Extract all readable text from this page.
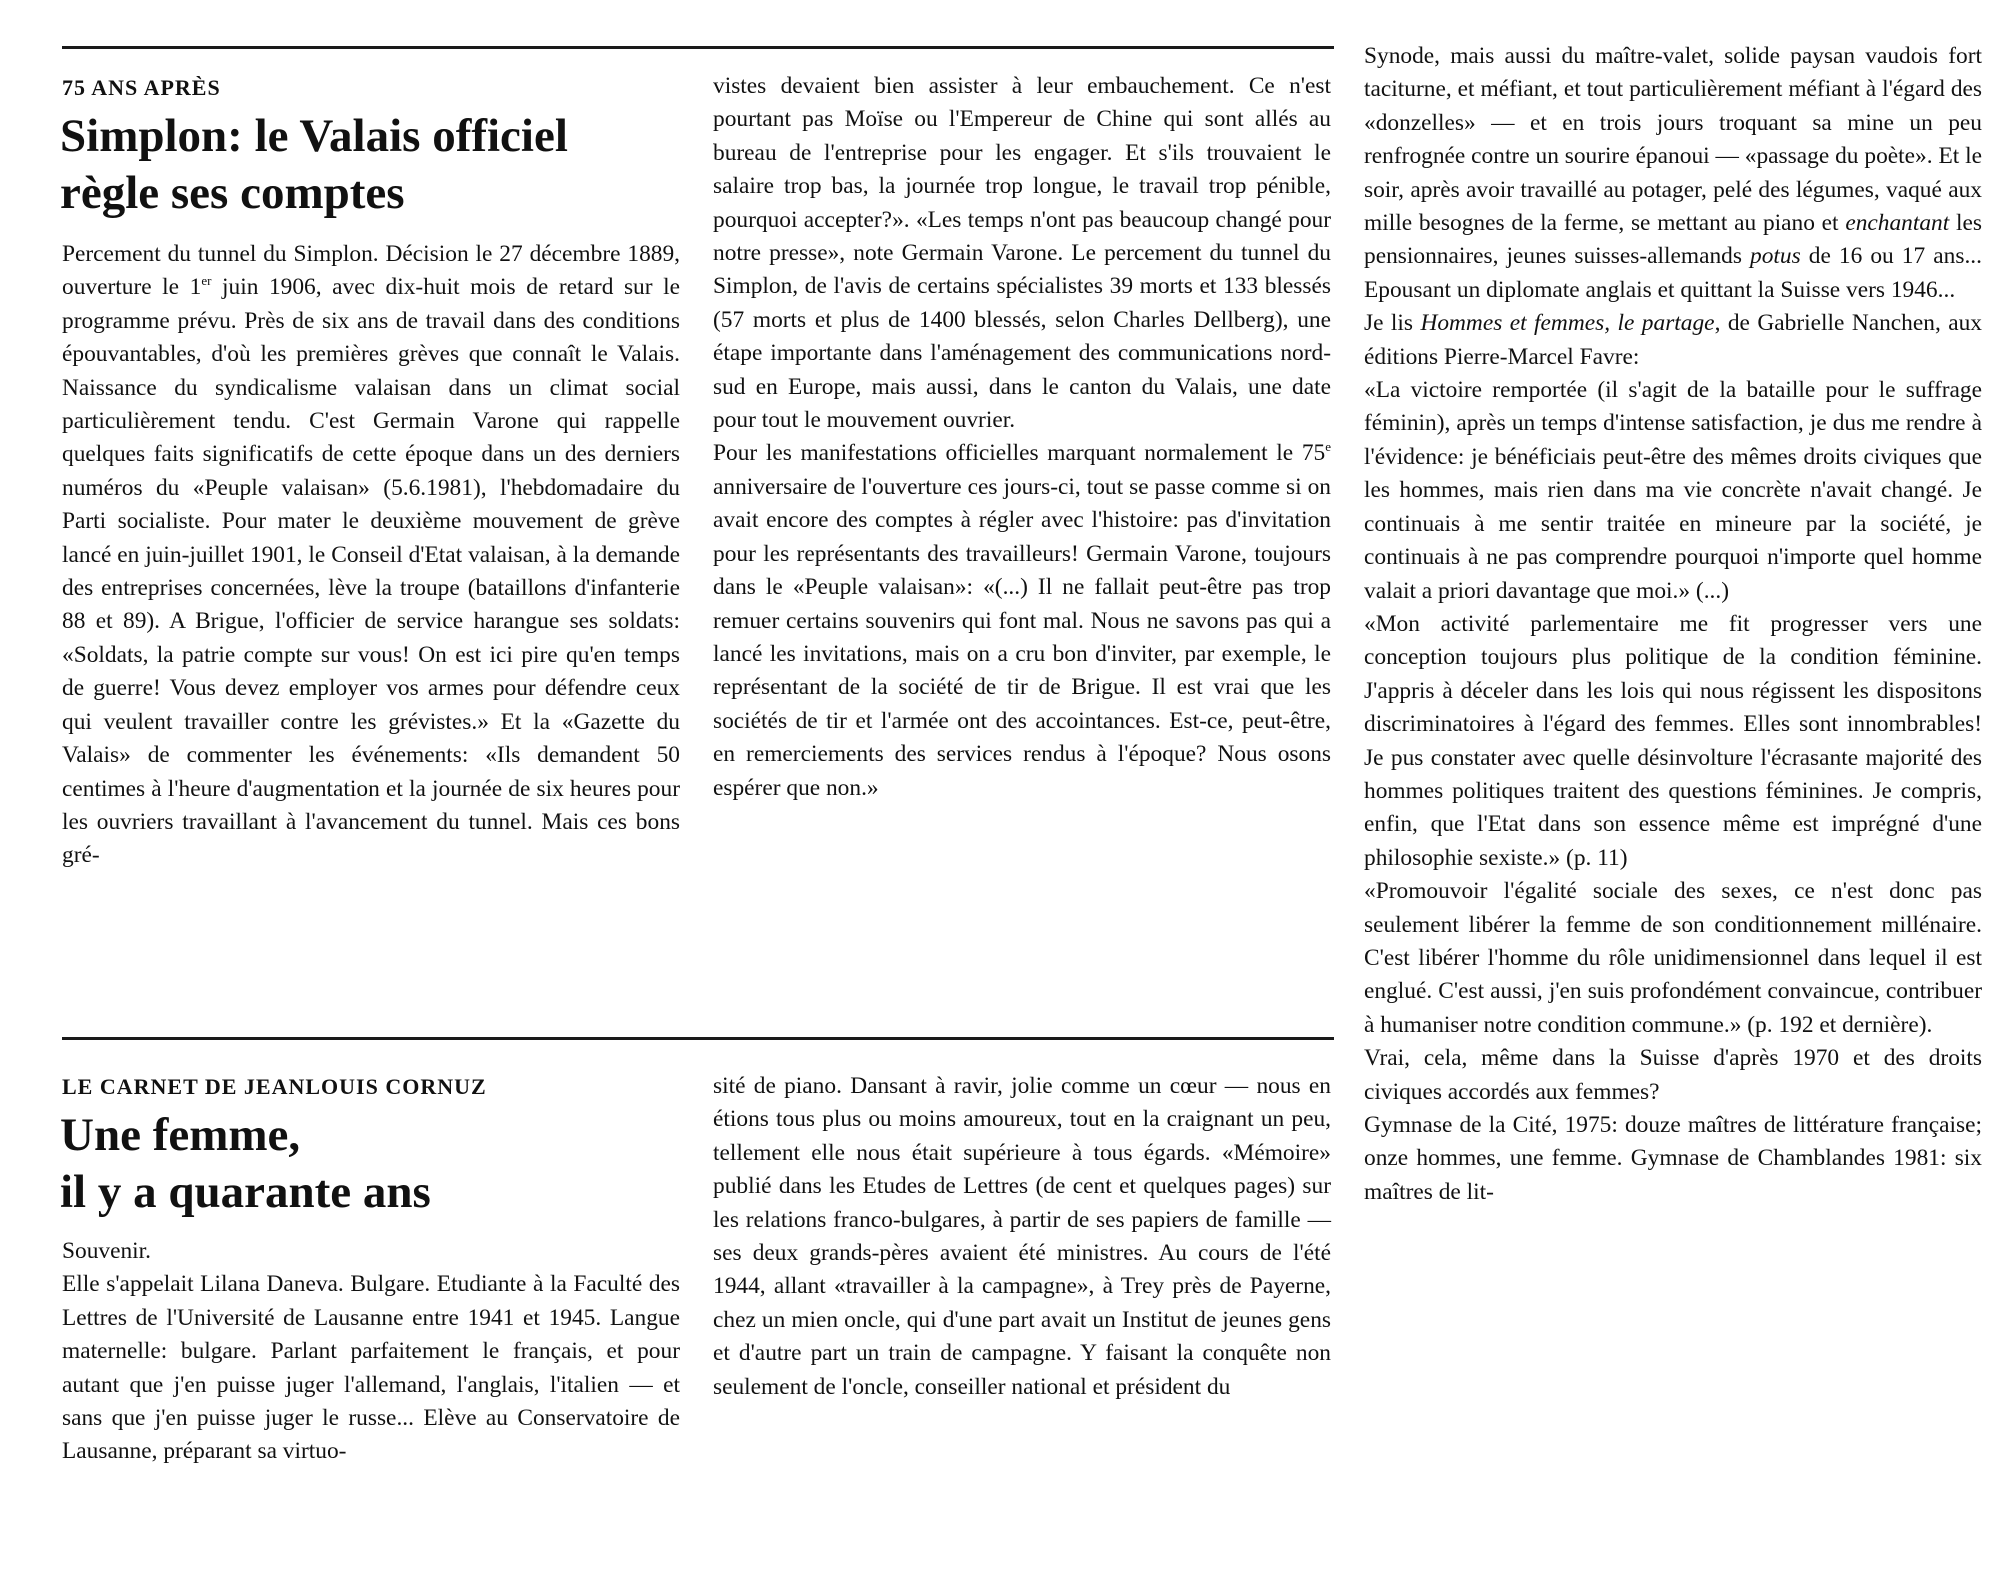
75 ANS APRÈS
Simplon: le Valais officiel
règle ses comptes

Percement du tunnel du Simplon. Décision le 27 décembre 1889, ouverture le 1er juin 1906, avec dix-huit mois de retard sur le programme prévu. Près de six ans de travail dans des conditions épouvantables, d'où les premières grèves que connaît le Valais. Naissance du syndicalisme valaisan dans un climat social particulièrement tendu. C'est Germain Varone qui rappelle quelques faits significatifs de cette époque dans un des derniers numéros du «Peuple valaisan» (5.6.1981), l'hebdomadaire du Parti socialiste. Pour mater le deuxième mouvement de grève lancé en juin-juillet 1901, le Conseil d'Etat valaisan, à la demande des entreprises concernées, lève la troupe (bataillons d'infanterie 88 et 89). A Brigue, l'officier de service harangue ses soldats: «Soldats, la patrie compte sur vous! On est ici pire qu'en temps de guerre! Vous devez employer vos armes pour défendre ceux qui veulent travailler contre les grévistes.» Et la «Gazette du Valais» de commenter les événements: «Ils demandent 50 centimes à l'heure d'augmentation et la journée de six heures pour les ouvriers travaillant à l'avancement du tunnel. Mais ces bons gré-

vistes devaient bien assister à leur embauchement. Ce n'est pourtant pas Moïse ou l'Empereur de Chine qui sont allés au bureau de l'entreprise pour les engager. Et s'ils trouvaient le salaire trop bas, la journée trop longue, le travail trop pénible, pourquoi accepter?». «Les temps n'ont pas beaucoup changé pour notre presse», note Germain Varone. Le percement du tunnel du Simplon, de l'avis de certains spécialistes 39 morts et 133 blessés (57 morts et plus de 1400 blessés, selon Charles Dellberg), une étape importante dans l'aménagement des communications nord-sud en Europe, mais aussi, dans le canton du Valais, une date pour tout le mouvement ouvrier.

Pour les manifestations officielles marquant normalement le 75e anniversaire de l'ouverture ces jours-ci, tout se passe comme si on avait encore des comptes à régler avec l'histoire: pas d'invitation pour les représentants des travailleurs! Germain Varone, toujours dans le «Peuple valaisan»: «(...) Il ne fallait peut-être pas trop remuer certains souvenirs qui font mal. Nous ne savons pas qui a lancé les invitations, mais on a cru bon d'inviter, par exemple, le représentant de la société de tir de Brigue. Il est vrai que les sociétés de tir et l'armée ont des accointances. Est-ce, peut-être, en remerciements des services rendus à l'époque? Nous osons espérer que non.»

LE CARNET DE JEANLOUIS CORNUZ
Une femme,
il y a quarante ans

Souvenir.

Elle s'appelait Lilana Daneva. Bulgare. Etudiante à la Faculté des Lettres de l'Université de Lausanne entre 1941 et 1945. Langue maternelle: bulgare. Parlant parfaitement le français, et pour autant que j'en puisse juger l'allemand, l'anglais, l'italien — et sans que j'en puisse juger le russe... Elève au Conservatoire de Lausanne, préparant sa virtuo-

sité de piano. Dansant à ravir, jolie comme un cœur — nous en étions tous plus ou moins amoureux, tout en la craignant un peu, tellement elle nous était supérieure à tous égards. «Mémoire» publié dans les Etudes de Lettres (de cent et quelques pages) sur les relations franco-bulgares, à partir de ses papiers de famille — ses deux grands-pères avaient été ministres. Au cours de l'été 1944, allant «travailler à la campagne», à Trey près de Payerne, chez un mien oncle, qui d'une part avait un Institut de jeunes gens et d'autre part un train de campagne. Y faisant la conquête non seulement de l'oncle, conseiller national et président du

Synode, mais aussi du maître-valet, solide paysan vaudois fort taciturne, et méfiant, et tout particulièrement méfiant à l'égard des «donzelles» — et en trois jours troquant sa mine un peu renfrognée contre un sourire épanoui — «passage du poète». Et le soir, après avoir travaillé au potager, pelé des légumes, vaqué aux mille besognes de la ferme, se mettant au piano et enchantant les pensionnaires, jeunes suisses-allemands potus de 16 ou 17 ans... Epousant un diplomate anglais et quittant la Suisse vers 1946...

Je lis Hommes et femmes, le partage, de Gabrielle Nanchen, aux éditions Pierre-Marcel Favre:

«La victoire remportée (il s'agit de la bataille pour le suffrage féminin), après un temps d'intense satisfaction, je dus me rendre à l'évidence: je bénéficiais peut-être des mêmes droits civiques que les hommes, mais rien dans ma vie concrète n'avait changé. Je continuais à me sentir traitée en mineure par la société, je continuais à ne pas comprendre pourquoi n'importe quel homme valait a priori davantage que moi.» (...)

«Mon activité parlementaire me fit progresser vers une conception toujours plus politique de la condition féminine. J'appris à déceler dans les lois qui nous régissent les dispositons discriminatoires à l'égard des femmes. Elles sont innombrables! Je pus constater avec quelle désinvolture l'écrasante majorité des hommes politiques traitent des questions féminines. Je compris, enfin, que l'Etat dans son essence même est imprégné d'une philosophie sexiste.» (p. 11)

«Promouvoir l'égalité sociale des sexes, ce n'est donc pas seulement libérer la femme de son conditionnement millénaire. C'est libérer l'homme du rôle unidimensionnel dans lequel il est englué. C'est aussi, j'en suis profondément convaincue, contribuer à humaniser notre condition commune.» (p. 192 et dernière).

Vrai, cela, même dans la Suisse d'après 1970 et des droits civiques accordés aux femmes?

Gymnase de la Cité, 1975: douze maîtres de littérature française; onze hommes, une femme. Gymnase de Chamblandes 1981: six maîtres de lit-
